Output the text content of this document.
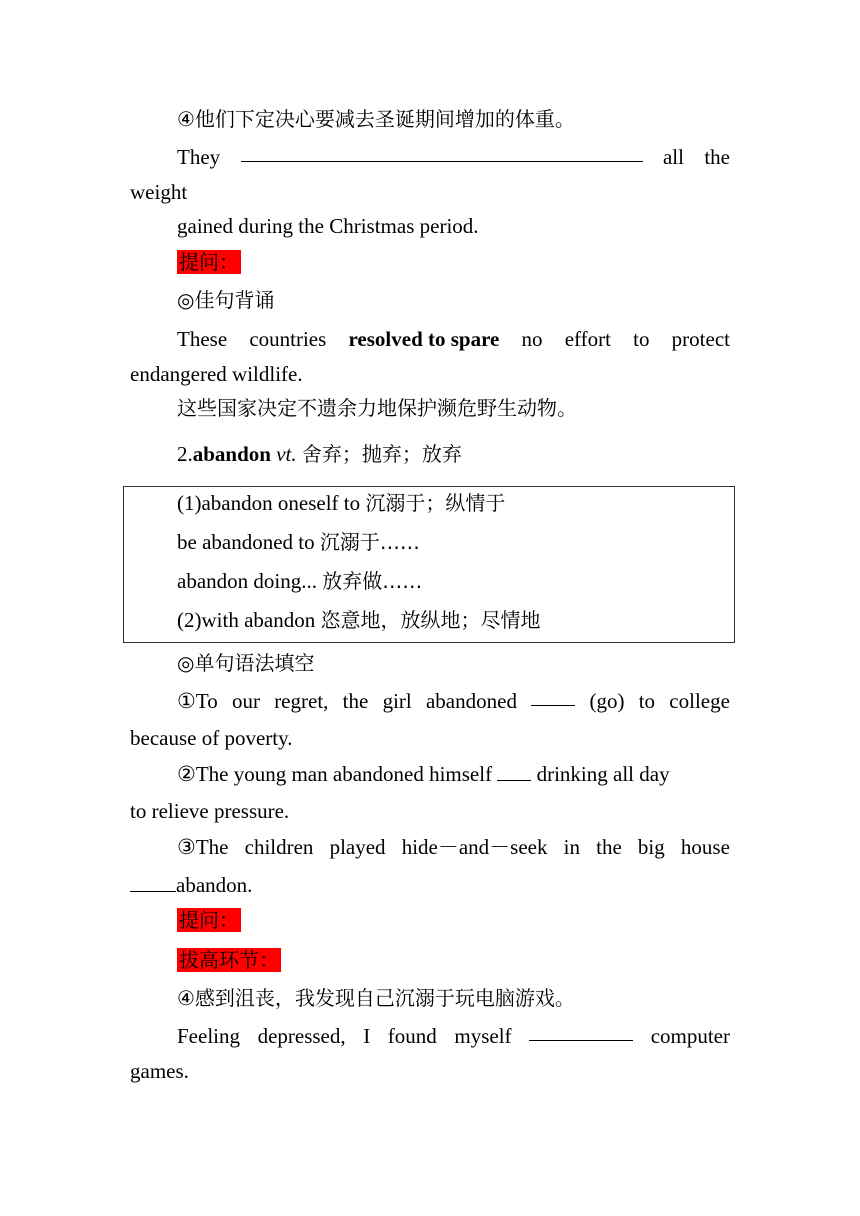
④他们下定决心要减去圣诞期间增加的体重。
They	all the
weight
gained during the Christmas period.
提问：
◎佳句背诵
These countries resolved to spare no effort to protect
endangered wildlife.
这些国家决定不遗余力地保护濒危野生动物。
2.abandon vt. 舍弃；抛弃；放弃
(1)abandon oneself to 沉溺于；纵情于
be abandoned to 沉溺于……
abandon doing... 放弃做……
(2)with abandon 恣意地，放纵地；尽情地
◎单句语法填空
①To our regret, the girl abandoned	(go) to college
because of poverty.
②The young man abandoned himself  drinking all day
to relieve pressure.
③The children played hide－and－seek in the big house
abandon.
提问：
拔高环节：
④感到沮丧，我发现自己沉溺于玩电脑游戏。
Feeling depressed, I found myself	computer
games.
